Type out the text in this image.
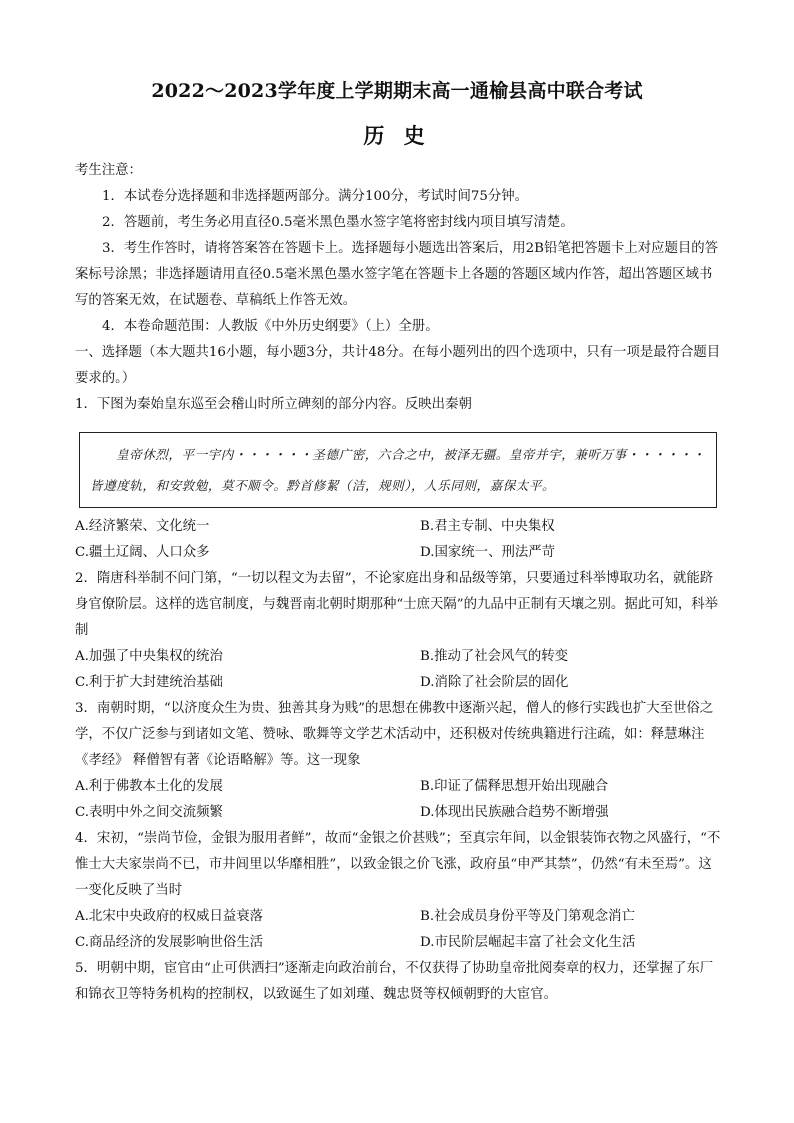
2022～2023学年度上学期期末高一通榆县高中联合考试
历 史

考生注意：

1．本试卷分选择题和非选择题两部分。满分100分，考试时间75分钟。

2．答题前，考生务必用直径0.5毫米黑色墨水签字笔将密封线内项目填写清楚。

3．考生作答时，请将答案答在答题卡上。选择题每小题选出答案后，用2B铅笔把答题卡上对应题目的答案标号涂黑；非选择题请用直径0.5毫米黑色墨水签字笔在答题卡上各题的答题区域内作答，超出答题区域书写的答案无效，在试题卷、草稿纸上作答无效。

4．本卷命题范围：人教版《中外历史纲要》（上）全册。

一、选择题（本大题共16小题，每小题3分，共计48分。在每小题列出的四个选项中，只有一项是最符合题目要求的。）

1．下图为秦始皇东巡至会稽山时所立碑刻的部分内容。反映出秦朝

皇帝休烈，平一宇内・・・・・・圣德广密，六合之中，被泽无疆。皇帝并宇，兼听万事・・・・・・皆遵度轨，和安敦勉，莫不顺令。黔首修絜（洁，规则），人乐同则，嘉保太平。
A.经济繁荣、文化统一	B.君主专制、中央集权
C.疆土辽阔、人口众多	D.国家统一、刑法严苛

2．隋唐科举制不问门第，“一切以程文为去留”，不论家庭出身和品级等第，只要通过科举博取功名，就能跻身官僚阶层。这样的选官制度，与魏晋南北朝时期那种“士庶天隔”的九品中正制有天壤之别。据此可知，科举制

A.加强了中央集权的统治	B.推动了社会风气的转变
C.利于扩大封建统治基础	D.消除了社会阶层的固化

3．南朝时期，“以济度众生为贵、独善其身为贱”的思想在佛教中逐渐兴起，僧人的修行实践也扩大至世俗之学，不仅广泛参与到诸如文笔、赞咏、歌舞等文学艺术活动中，还积极对传统典籍进行注疏，如：释慧琳注《孝经》 释僧智有著《论语略解》等。这一现象

A.利于佛教本土化的发展	B.印证了儒释思想开始出现融合
C.表明中外之间交流频繁	D.体现出民族融合趋势不断增强

4．宋初，“崇尚节俭，金银为服用者鲜”，故而“金银之价甚贱”；至真宗年间，以金银装饰衣物之风盛行，“不惟士大夫家崇尚不已，市井闾里以华靡相胜”，以致金银之价飞涨，政府虽“申严其禁”，仍然“有未至焉”。这一变化反映了当时

A.北宋中央政府的权威日益衰落	B.社会成员身份平等及门第观念消亡
C.商品经济的发展影响世俗生活	D.市民阶层崛起丰富了社会文化生活

5．明朝中期，宦官由“止可供洒扫”逐渐走向政治前台，不仅获得了协助皇帝批阅奏章的权力，还掌握了东厂和锦衣卫等特务机构的控制权，以致诞生了如刘瑾、魏忠贤等权倾朝野的大宦官。
